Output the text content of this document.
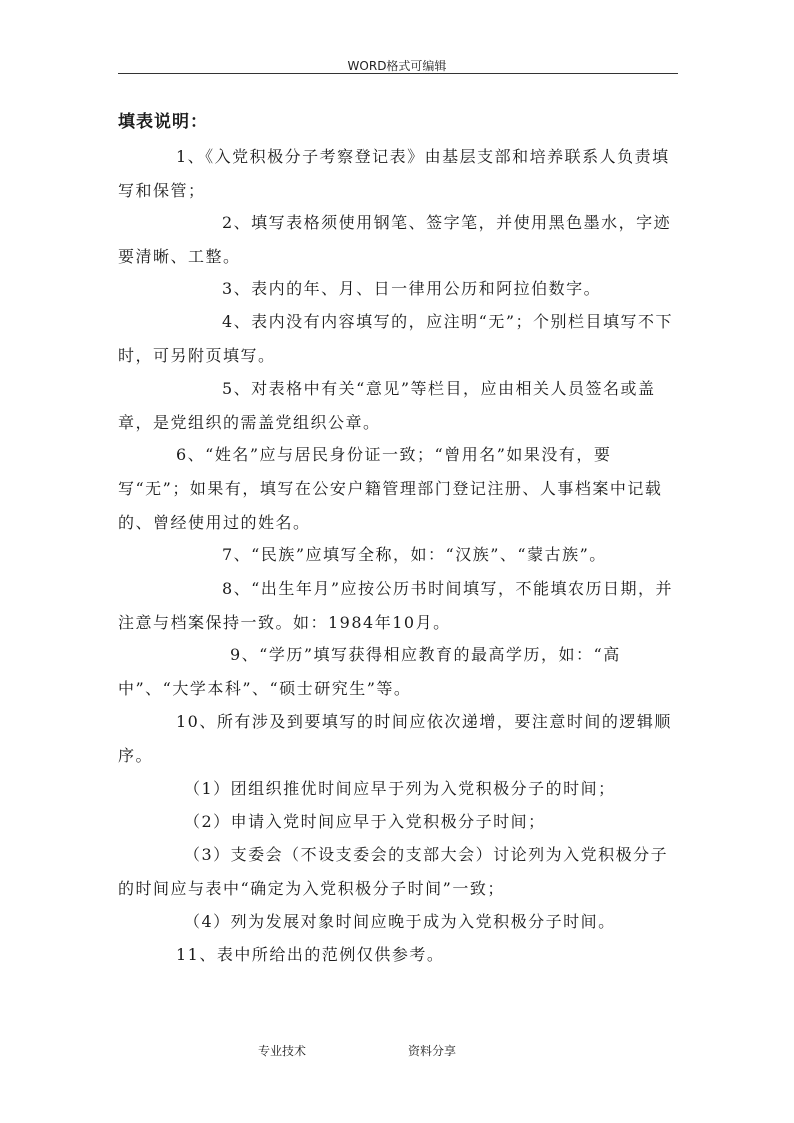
WORD格式可编辑
填表说明：

1、《入党积极分子考察登记表》由基层支部和培养联系人负责填写和保管；

2、填写表格须使用钢笔、签字笔，并使用黑色墨水，字迹要清晰、工整。

3、表内的年、月、日一律用公历和阿拉伯数字。

4、表内没有内容填写的，应注明“无”；个别栏目填写不下时，可另附页填写。

5、对表格中有关“意见”等栏目，应由相关人员签名或盖章，是党组织的需盖党组织公章。

6、“姓名”应与居民身份证一致；“曾用名”如果没有，要写“无”；如果有，填写在公安户籍管理部门登记注册、人事档案中记载的、曾经使用过的姓名。

7、“民族”应填写全称，如：“汉族”、“蒙古族”。

8、“出生年月”应按公历书时间填写，不能填农历日期，并注意与档案保持一致。如：1984年10月。

9、“学历”填写获得相应教育的最高学历，如：“高中”、“大学本科”、“硕士研究生”等。

10、所有涉及到要填写的时间应依次递增，要注意时间的逻辑顺序。

（1）团组织推优时间应早于列为入党积极分子的时间；

（2）申请入党时间应早于入党积极分子时间；

（3）支委会（不设支委会的支部大会）讨论列为入党积极分子的时间应与表中“确定为入党积极分子时间”一致；

（4）列为发展对象时间应晚于成为入党积极分子时间。

11、表中所给出的范例仅供参考。

专业技术	资料分享
